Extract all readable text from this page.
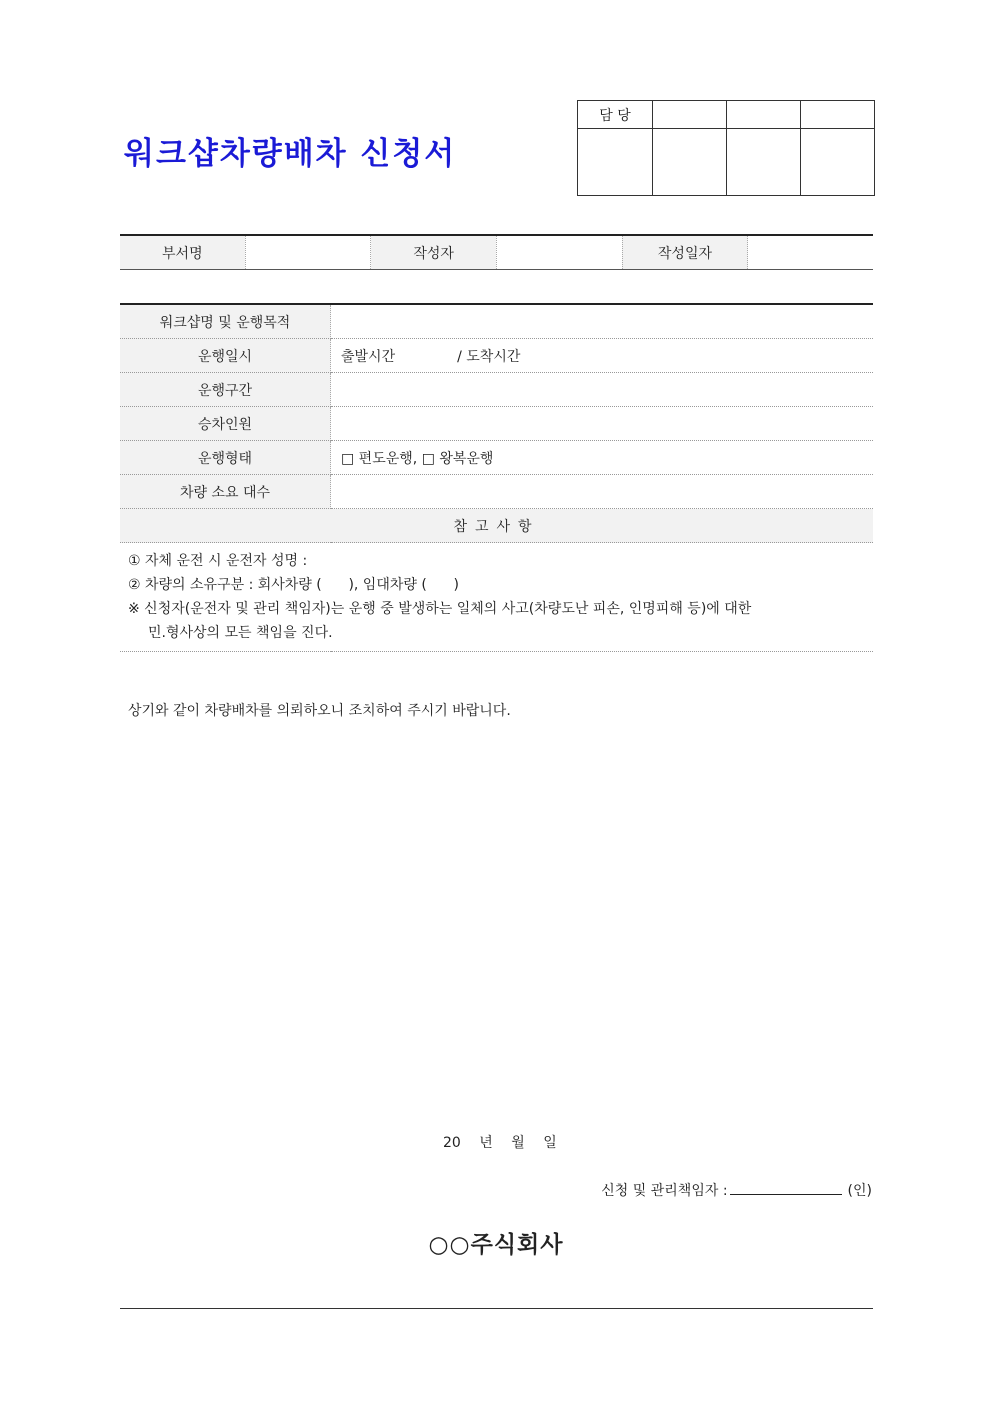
워크샵차량배차 신청서
담 당			

부서명		작성자		작성일자	
워크샵명 및 운행목적	
운행일시	출발시간 / 도착시간
운행구간	
승차인원	
운행형태	□ 편도운행, □ 왕복운행
차량 소요 대수	
참고사항	

① 자체 운전 시 운전자 성명 :
② 차량의 소유구분 : 회사차량 (      ), 임대차량 (      )
※ 신청자(운전자 및 관리 책임자)는 운행 중 발생하는 일체의 사고(차량도난 피손, 인명피해 등)에 대한
민.형사상의 모든 책임을 진다.	
상기와 같이 차량배차를 의뢰하오니 조치하여 주시기 바랍니다.
20 년 월 일
신청 및 관리책임자 :	(인)
○○주식회사
